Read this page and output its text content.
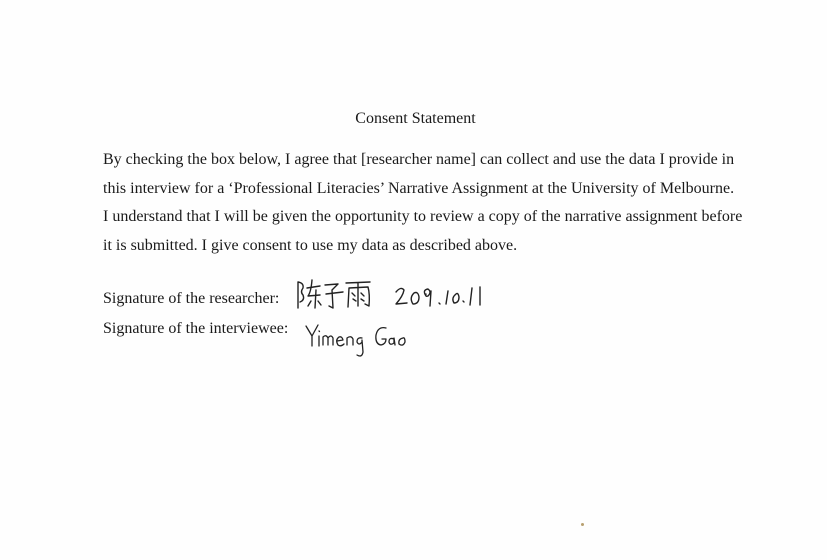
Consent Statement

By checking the box below, I agree that [researcher name] can collect and use the data I provide in this interview for a ‘Professional Literacies’ Narrative Assignment at the University of Melbourne. I understand that I will be given the opportunity to review a copy of the narrative assignment before it is submitted. I give consent to use my data as described above.

Signature of the researcher:
Signature of the interviewee:
